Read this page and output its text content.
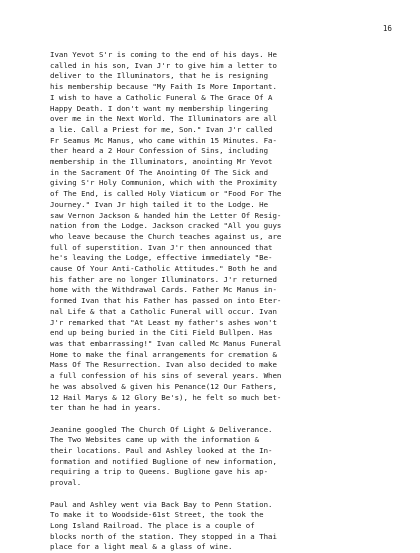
16
Ivan Yevot S'r is coming to the end of his days. He
called in his son, Ivan J'r to give him a letter to
deliver to the Illuminators, that he is resigning
his membership because "My Faith Is More Important.
I wish to have a Catholic Funeral & The Grace Of A
Happy Death. I don't want my membership lingering
over me in the Next World. The Illuminators are all
a lie. Call a Priest for me, Son." Ivan J'r called
Fr Seamus Mc Manus, who came within 15 Minutes. Fa-
ther heard a 2 Hour Confession of Sins, including
membership in the Illuminators, anointing Mr Yevot
in the Sacrament Of The Anointing Of The Sick and
giving S'r Holy Communion, which with the Proximity
of The End, is called Holy Viaticum or "Food For The
Journey." Ivan Jr high tailed it to the Lodge. He
saw Vernon Jackson & handed him the Letter Of Resig-
nation from the Lodge. Jackson cracked "All you guys
who leave because the Church teaches against us, are
full of superstition. Ivan J'r then announced that
he's leaving the Lodge, effective immediately "Be-
cause Of Your Anti-Catholic Attitudes." Both he and
his father are no longer Illuminators. J'r returned
home with the Withdrawal Cards. Father Mc Manus in-
formed Ivan that his Father has passed on into Eter-
nal Life & that a Catholic Funeral will occur. Ivan
J'r remarked that "At Least my father's ashes won't
end up being buried in the Citi Field Bullpen. Has
was that embarrassing!" Ivan called Mc Manus Funeral
Home to make the final arrangements for cremation &
Mass Of The Resurrection. Ivan also decided to make
a full confession of his sins of several years. When
he was absolved & given his Penance(12 Our Fathers,
12 Hail Marys & 12 Glory Be's), he felt so much bet-
ter than he had in years.
Jeanine googled The Church Of Light & Deliverance.
The Two Websites came up with the information &
their locations. Paul and Ashley looked at the In-
formation and notified Buglione of new information,
requiring a trip to Queens. Buglione gave his ap-
proval.
Paul and Ashley went via Back Bay to Penn Station.
To make it to Woodside-61st Street, the took the
Long Island Railroad. The place is a couple of
blocks north of the station. They stopped in a Thai
place for a light meal & a glass of wine.
